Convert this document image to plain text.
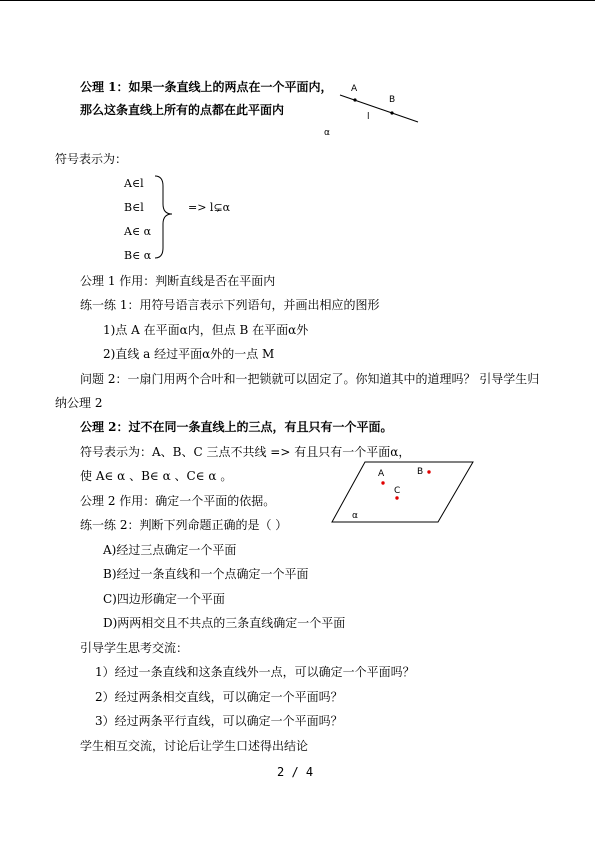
公理 1：如果一条直线上的两点在一个平面内，
那么这条直线上所有的点都在此平面内
A
B
l
α
符号表示为：
A∈l
B∈l
A∈ α
B∈ α
=> l⊊α
公理 1 作用：判断直线是否在平面内
练一练 1：用符号语言表示下列语句，并画出相应的图形
1)点 A 在平面α内，但点 B 在平面α外
2)直线 a 经过平面α外的一点 M
问题 2：一扇门用两个合叶和一把锁就可以固定了。你知道其中的道理吗？ 引导学生归
纳公理 2
公理 2：过不在同一条直线上的三点，有且只有一个平面。
符号表示为：A、B、C 三点不共线 => 有且只有一个平面α，
使 A∈ α 、B∈ α 、C∈ α 。
公理 2 作用：确定一个平面的依据。
A	B
C
α
练一练 2：判断下列命题正确的是（ ）
A)经过三点确定一个平面
B)经过一条直线和一个点确定一个平面
C)四边形确定一个平面
D)两两相交且不共点的三条直线确定一个平面
引导学生思考交流：
1）经过一条直线和这条直线外一点，可以确定一个平面吗？
2）经过两条相交直线，可以确定一个平面吗？
3）经过两条平行直线，可以确定一个平面吗？
学生相互交流，讨论后让学生口述得出结论
2 / 4
